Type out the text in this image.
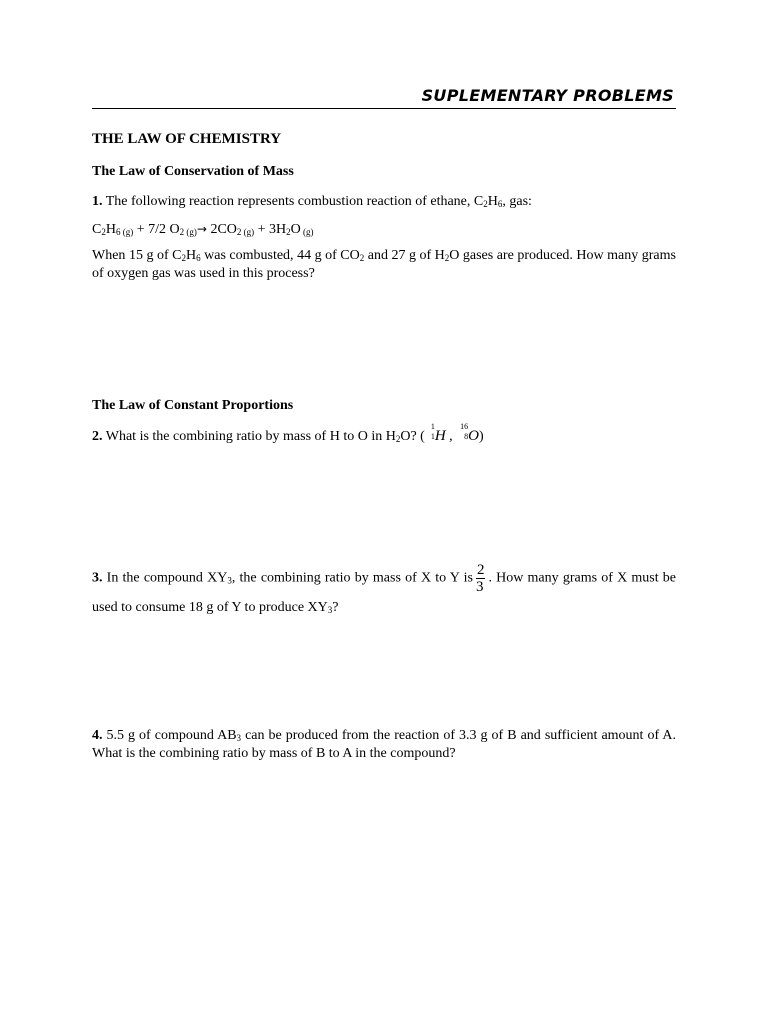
SUPLEMENTARY PROBLEMS
THE LAW OF CHEMISTRY
The Law of Conservation of Mass
1. The following reaction represents combustion reaction of ethane, $C_2H_6$, gas:
$C_2H_6$ $_{(g)}$ + 7/2 $O_2$ $_{(g)}\to 2CO_2$ $_{(g)} + 3H_2O$ $_{(g)}$
When 15 g of $C_2H_6$ was combusted, 44 g of $CO_2$ and 27 g of $H_2O$ gases are produced. How many grams of oxygen gas was used in this process?
The Law of Constant Proportions
2. What is the combining ratio by mass of H to O in $H_2O$? (
1
1 H ,
16
8 O)
3. In the compound $XY_3$, the combining ratio by mass of X to Y is $\frac{2}{3}$ . How many grams of X must be used to consume 18 g of Y to produce $XY_3$?
4. 5.5 g of compound $AB_3$ can be produced from the reaction of 3.3 g of B and sufficient amount of A. What is the combining ratio by mass of B to A in the compound?
